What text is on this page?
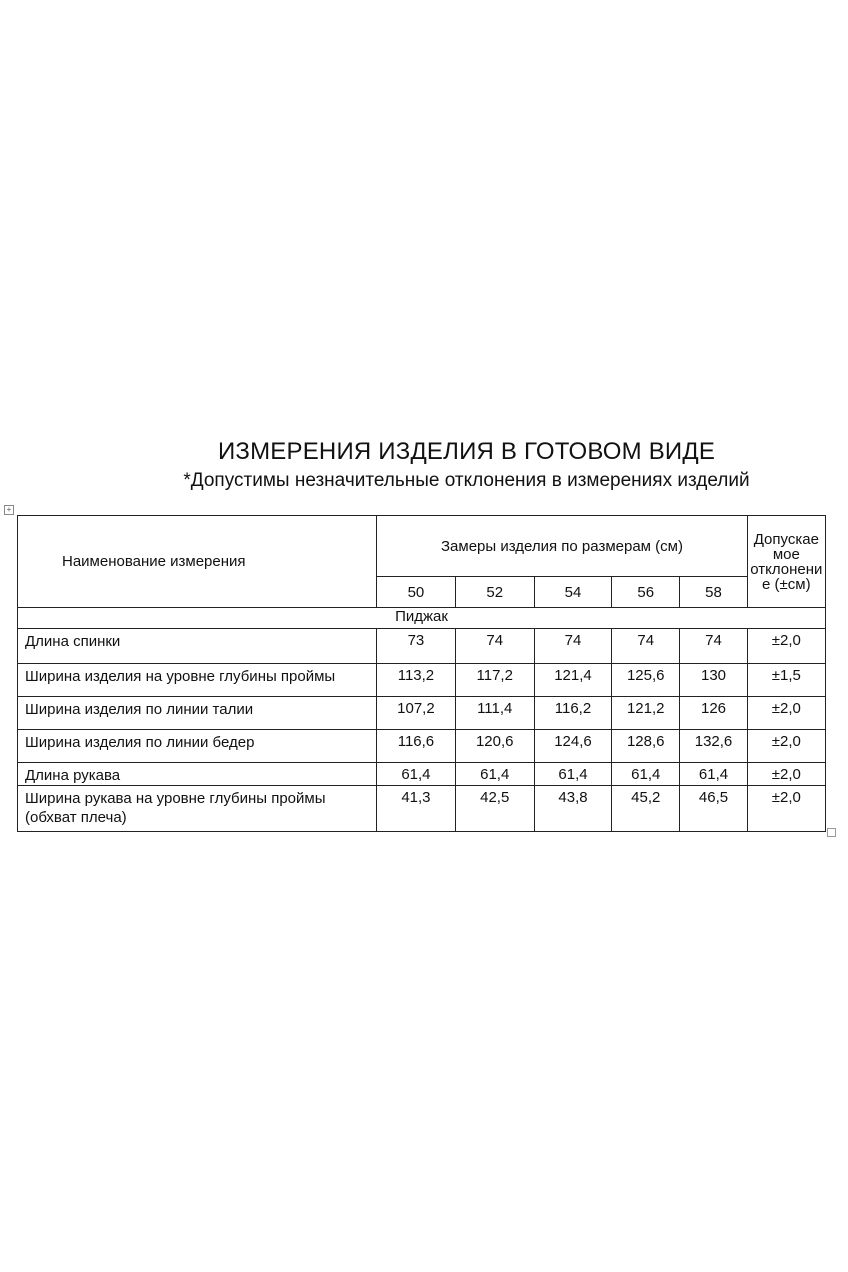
ИЗМЕРЕНИЯ ИЗДЕЛИЯ В ГОТОВОМ ВИДЕ
*Допустимы незначительные отклонения в измерениях изделий
+
Наименование измерения	Замеры изделия по размерам (см)					Допускае мое отклонени е (±см)
	50	52	54	56	58	
Пиджак						
Длина спинки	73	74	74	74	74	±2,0
Ширина изделия на уровне глубины проймы	113,2	117,2	121,4	125,6	130	±1,5
Ширина изделия по линии талии	107,2	111,4	116,2	121,2	126	±2,0
Ширина изделия по линии бедер	116,6	120,6	124,6	128,6	132,6	±2,0
Длина рукава	61,4	61,4	61,4	61,4	61,4	±2,0
Ширина рукава на уровне глубины проймы (обхват плеча)	41,3	42,5	43,8	45,2	46,5	±2,0
